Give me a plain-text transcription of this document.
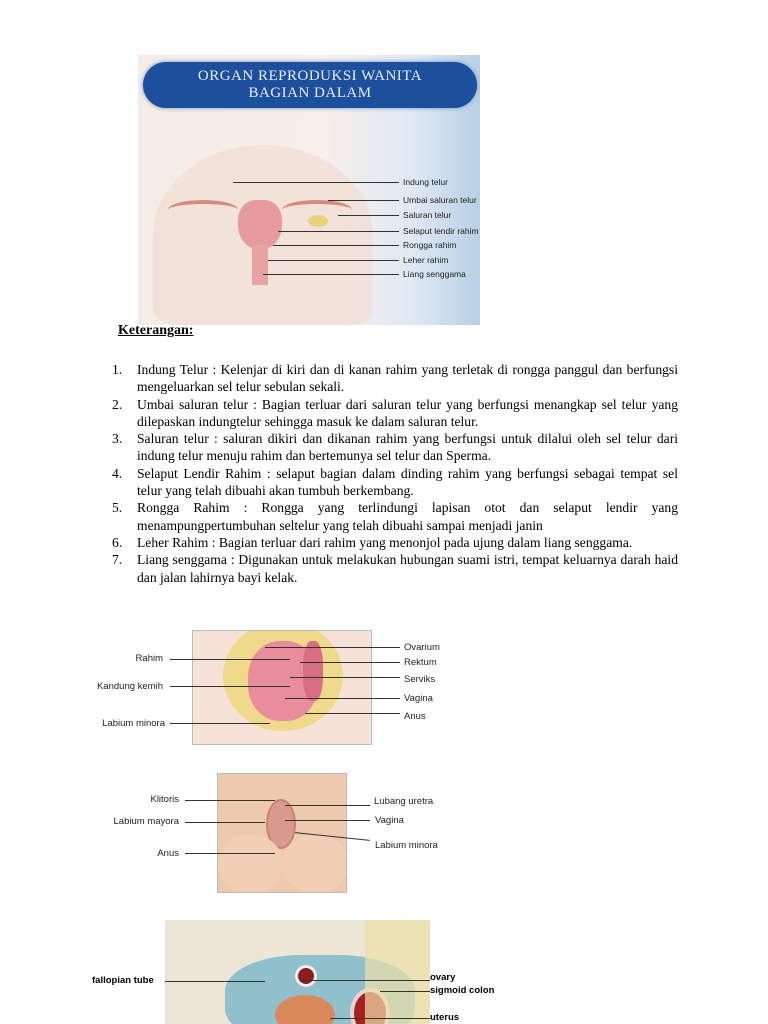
ORGAN REPRODUKSI WANITA
BAGIAN DALAM
Indung telur
Umbai saluran telur
Saluran telur
Selaput lendir rahim
Rongga rahim
Leher rahim
Liang senggama
Keterangan:
1. Indung Telur : Kelenjar di kiri dan di kanan rahim yang terletak di rongga panggul dan berfungsi mengeluarkan sel telur sebulan sekali.
2. Umbai saluran telur : Bagian terluar dari saluran telur yang berfungsi menangkap sel telur yang dilepaskan indungtelur sehingga masuk ke dalam saluran telur.
3. Saluran telur : saluran dikiri dan dikanan rahim yang berfungsi untuk dilalui oleh sel telur dari indung telur menuju rahim dan bertemunya sel telur dan Sperma.
4. Selaput Lendir Rahim : selaput bagian dalam dinding rahim yang berfungsi sebagai tempat sel telur yang telah dibuahi akan tumbuh berkembang.
5. Rongga Rahim : Rongga yang terlindungi lapisan otot dan selaput lendir yang menampungpertumbuhan seltelur yang telah dibuahi sampai menjadi janin
6. Leher Rahim : Bagian terluar dari rahim yang menonjol pada ujung dalam liang senggama.
7. Liang senggama : Digunakan untuk melakukan hubungan suami istri, tempat keluarnya darah haid dan jalan lahirnya bayi kelak.
Rahim
Kandung kemih
Labium minora
Ovarium
Rektum
Serviks
Vagina
Anus
Klitoris
Labium mayora
Anus
Lubang uretra
Vagina
Labium minora
fallopian tube	ovary
sigmoid colon
uterus
